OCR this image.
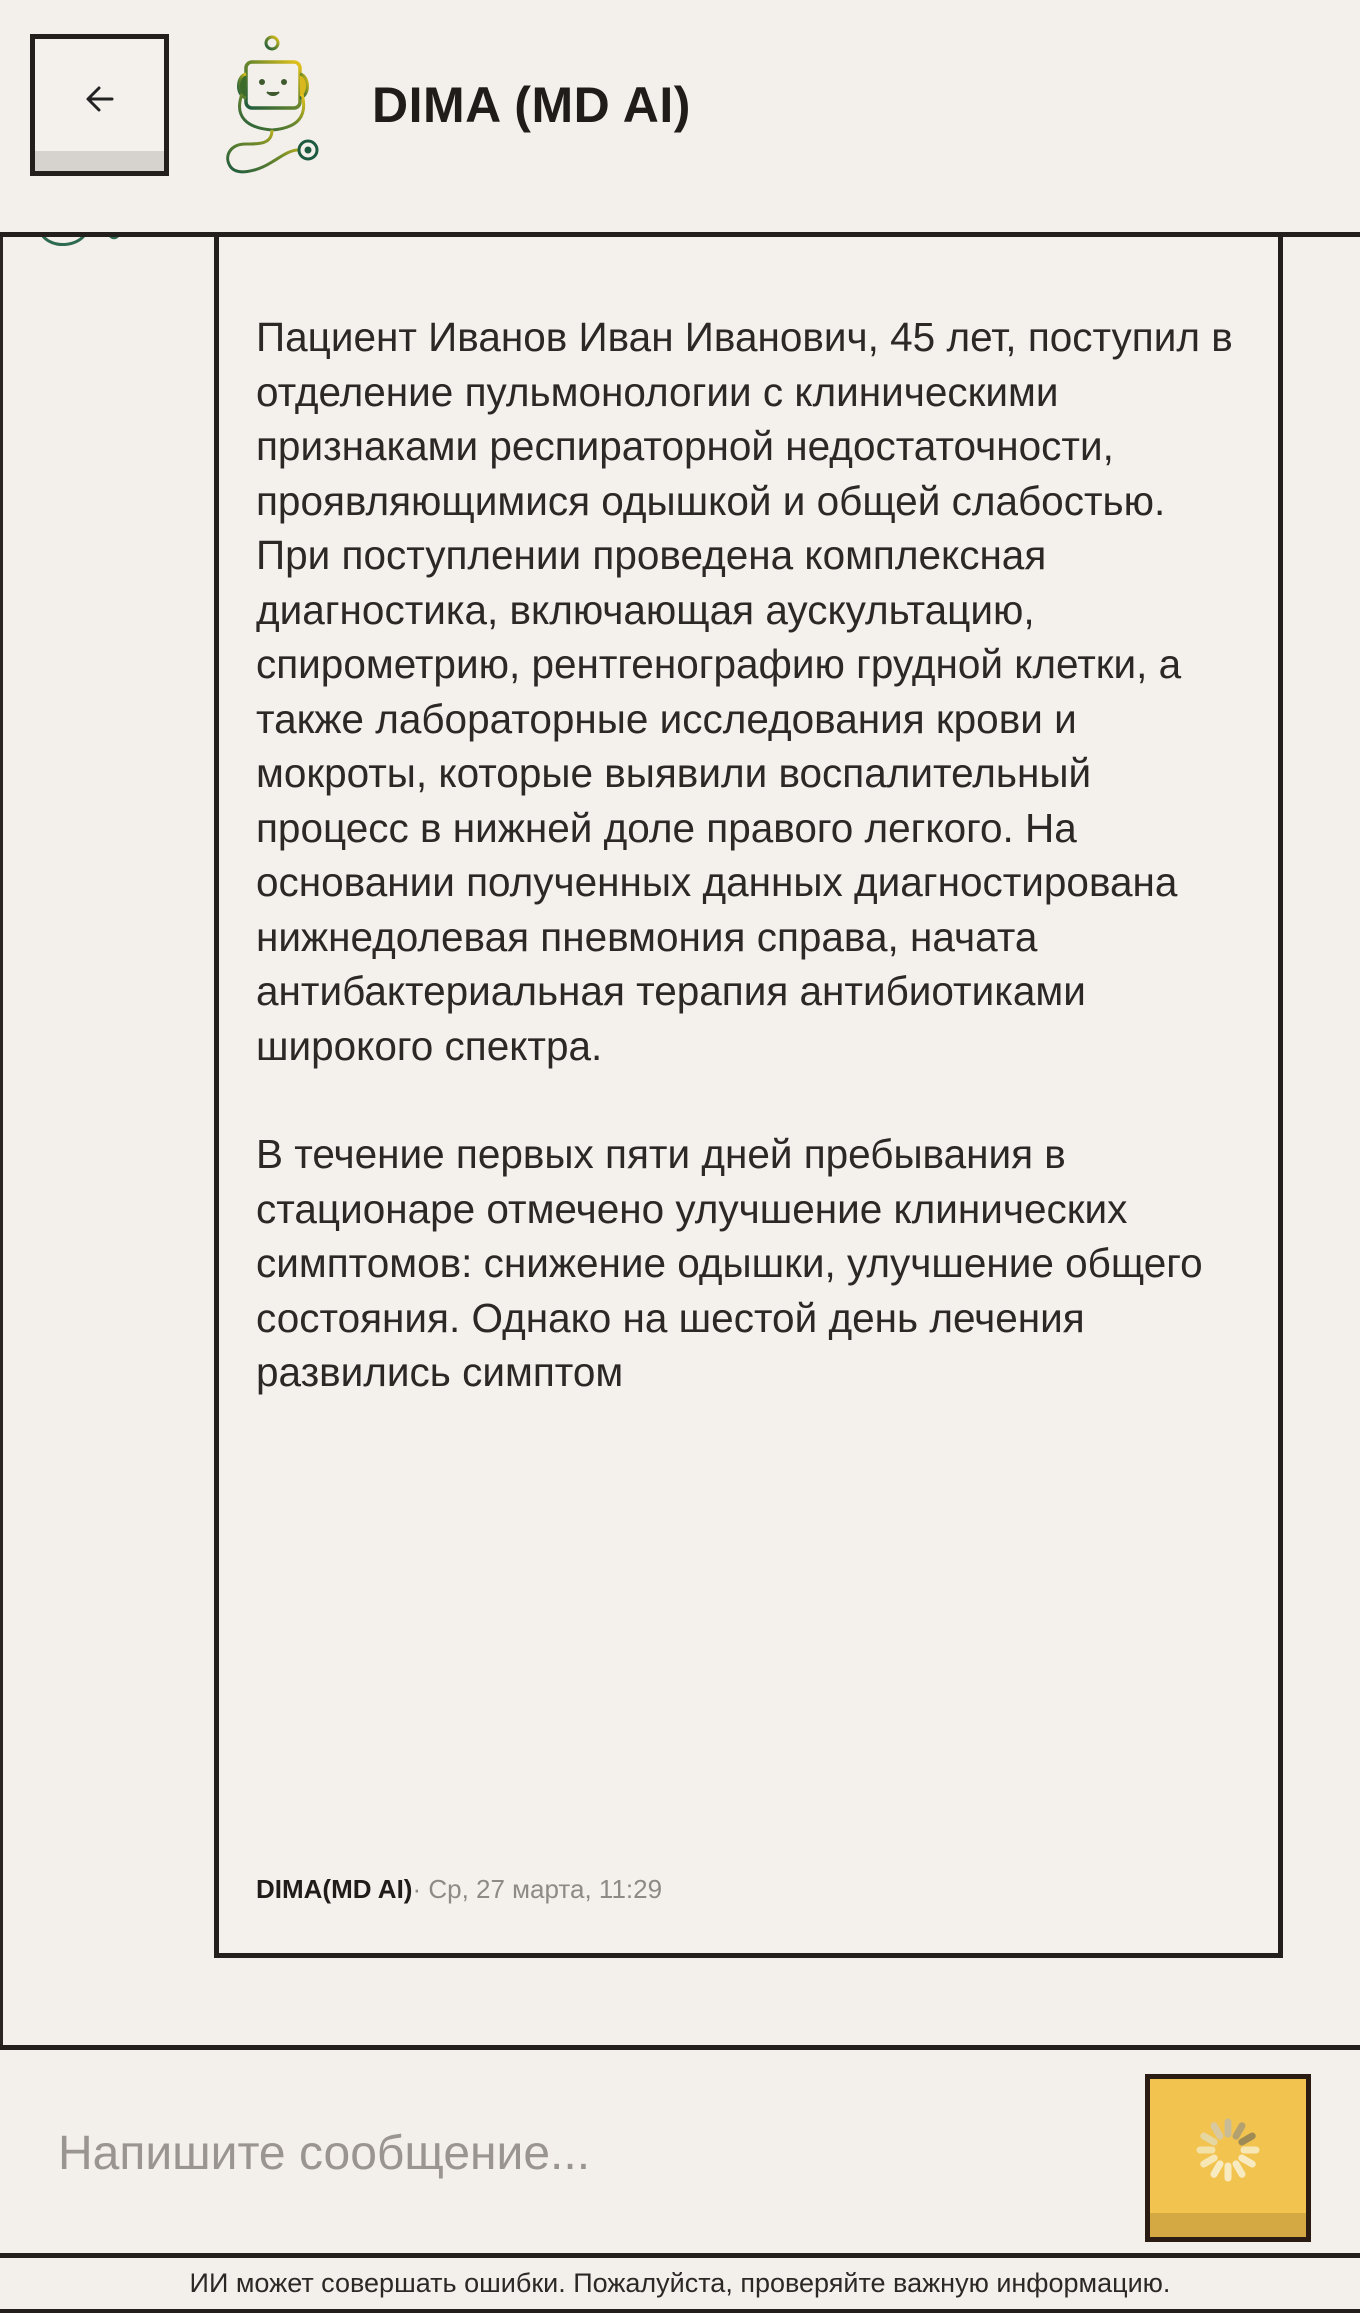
DIMA (MD AI)
Пациент Иванов Иван Иванович, 45 лет, поступил в отделение пульмонологии с клиническими признаками респираторной недостаточности, проявляющимися одышкой и общей слабостью. При поступлении проведена комплексная диагностика, включающая аускультацию, спирометрию, рентгенографию грудной клетки, а также лабораторные исследования крови и мокроты, которые выявили воспалительный процесс в нижней доле правого легкого. На основании полученных данных диагностирована нижнедолевая пневмония справа, начата антибактериальная терапия антибиотиками широкого спектра.
В течение первых пяти дней пребывания в стационаре отмечено улучшение клинических симптомов: снижение одышки, улучшение общего состояния. Однако на шестой день лечения развились симптом
DIMA(MD AI)· Ср, 27 марта, 11:29
Напишите сообщение...
ИИ может совершать ошибки. Пожалуйста, проверяйте важную информацию.
